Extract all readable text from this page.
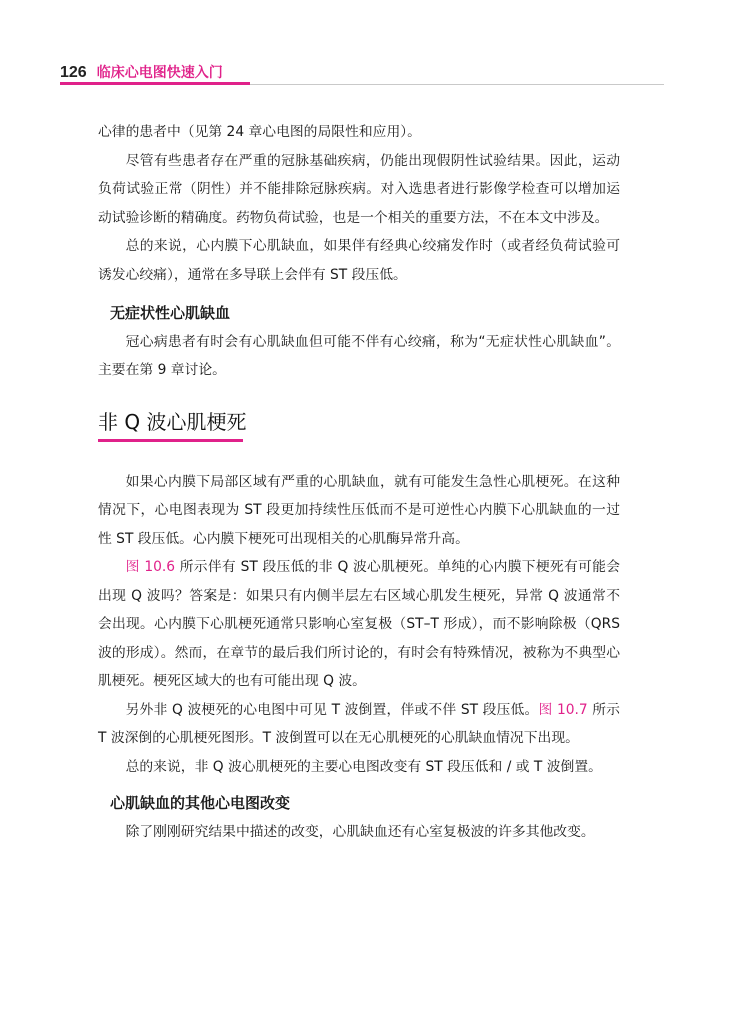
126 临床心电图快速入门

心律的患者中（见第 24 章心电图的局限性和应用）。

尽管有些患者存在严重的冠脉基础疾病，仍能出现假阴性试验结果。因此，运动负荷试验正常（阴性）并不能排除冠脉疾病。对入选患者进行影像学检查可以增加运动试验诊断的精确度。药物负荷试验，也是一个相关的重要方法，不在本文中涉及。

总的来说，心内膜下心肌缺血，如果伴有经典心绞痛发作时（或者经负荷试验可诱发心绞痛），通常在多导联上会伴有 ST 段压低。

无症状性心肌缺血

冠心病患者有时会有心肌缺血但可能不伴有心绞痛，称为“无症状性心肌缺血”。主要在第 9 章讨论。

非 Q 波心肌梗死

如果心内膜下局部区域有严重的心肌缺血，就有可能发生急性心肌梗死。在这种情况下，心电图表现为 ST 段更加持续性压低而不是可逆性心内膜下心肌缺血的一过性 ST 段压低。心内膜下梗死可出现相关的心肌酶异常升高。

图 10.6 所示伴有 ST 段压低的非 Q 波心肌梗死。单纯的心内膜下梗死有可能会出现 Q 波吗？答案是：如果只有内侧半层左右区域心肌发生梗死，异常 Q 波通常不会出现。心内膜下心肌梗死通常只影响心室复极（ST–T 形成），而不影响除极（QRS 波的形成）。然而，在章节的最后我们所讨论的，有时会有特殊情况，被称为不典型心肌梗死。梗死区域大的也有可能出现 Q 波。

另外非 Q 波梗死的心电图中可见 T 波倒置，伴或不伴 ST 段压低。图 10.7 所示 T 波深倒的心肌梗死图形。T 波倒置可以在无心肌梗死的心肌缺血情况下出现。

总的来说，非 Q 波心肌梗死的主要心电图改变有 ST 段压低和 / 或 T 波倒置。

心肌缺血的其他心电图改变

除了刚刚研究结果中描述的改变，心肌缺血还有心室复极波的许多其他改变。
